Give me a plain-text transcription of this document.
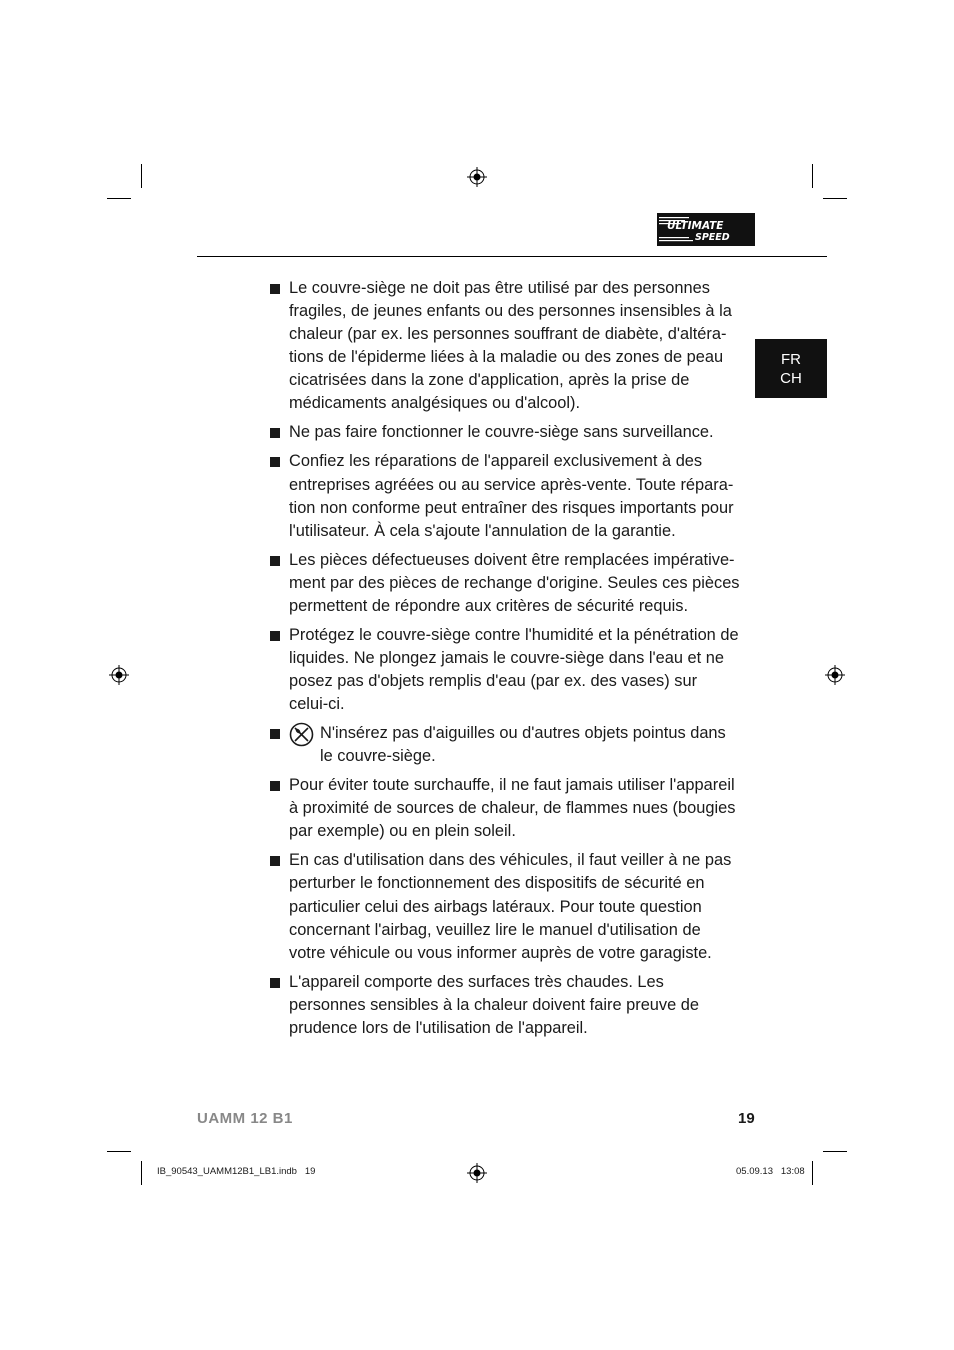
ULTIMATE
SPEED
FR
CH
Le couvre-siège ne doit pas être utilisé par des personnes fragiles, de jeunes enfants ou des personnes insensibles à la chaleur (par ex. les personnes souffrant de diabète, d'altéra-tions de l'épiderme liées à la maladie ou des zones de peau cicatrisées dans la zone d'application, après la prise de médicaments analgésiques ou d'alcool).
Ne pas faire fonctionner le couvre-siège sans surveillance.
Confiez les réparations de l'appareil exclusivement à des entreprises agréées ou au service après-vente. Toute répara-tion non conforme peut entraîner des risques importants pour l'utilisateur. À cela s'ajoute l'annulation de la garantie.
Les pièces défectueuses doivent être remplacées impérative-ment par des pièces de rechange d'origine. Seules ces pièces permettent de répondre aux critères de sécurité requis.
Protégez le couvre-siège contre l'humidité et la pénétration de liquides. Ne plongez jamais le couvre-siège dans l'eau et ne posez pas d'objets remplis d'eau (par ex. des vases) sur celui-ci.
N'insérez pas d'aiguilles ou d'autres objets pointus dans le couvre-siège.
Pour éviter toute surchauffe, il ne faut jamais utiliser l'appareil à proximité de sources de chaleur, de flammes nues (bougies par exemple) ou en plein soleil.
En cas d'utilisation dans des véhicules, il faut veiller à ne pas perturber le fonctionnement des dispositifs de sécurité en particulier celui des airbags latéraux. Pour toute question concernant l'airbag, veuillez lire le manuel d'utilisation de votre véhicule ou vous informer auprès de votre garagiste.
L'appareil comporte des surfaces très chaudes. Les personnes sensibles à la chaleur doivent faire preuve de prudence lors de l'utilisation de l'appareil.
UAMM 12 B1	19
IB_90543_UAMM12B1_LB1.indb   19	05.09.13   13:08
